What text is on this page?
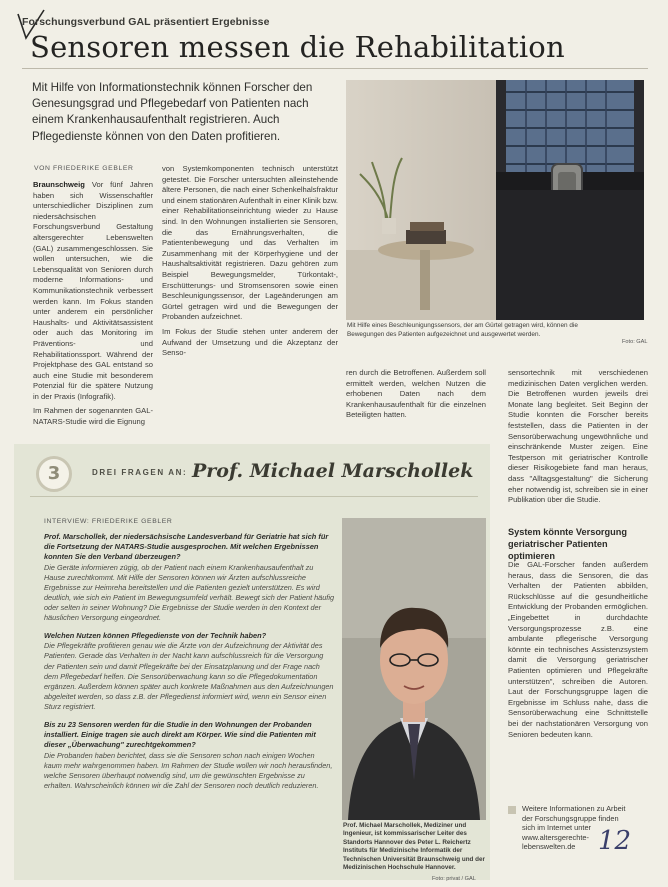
Forschungsverbund GAL präsentiert Ergebnisse
Sensoren messen die Rehabilitation
Mit Hilfe von Informationstechnik können Forscher den Genesungsgrad und Pflegebedarf von Patienten nach einem Krankenhausaufenthalt registrieren. Auch Pflegedienste können von den Daten profitieren.
VON FRIEDERIKE GEBLER

Braunschweig Vor fünf Jahren haben sich Wissenschaftler unterschiedlicher Disziplinen zum niedersächsischen Forschungsverbund Gestaltung altersgerechter Lebenswelten (GAL) zusammengeschlossen. Sie wollen untersuchen, wie die Lebensqualität von Senioren durch moderne Informations- und Kommunikationstechnik verbessert werden kann. Im Fokus standen unter anderem ein persönlicher Haushalts- und Aktivitätsassistent oder auch das Monitoring im Präventions- und Rehabilitationssport. Während der Projektphase des GAL entstand so auch eine Studie mit besonderem Potenzial für die spätere Nutzung in der Praxis (Infografik).

Im Rahmen der sogenannten GAL-NATARS-Studie wird die Eignung

von Systemkomponenten technisch unterstützt getestet. Die Forscher untersuchten alleinstehende ältere Personen, die nach einer Schenkelhalsfraktur und einem stationären Aufenthalt in einer Klinik bzw. einer Rehabilitationseinrichtung wieder zu Hause sind. In den Wohnungen installierten sie Sensoren, die das Ernährungsverhalten, die Patientenbewegung und das Verhalten im Zusammenhang mit der Körperhygiene und der Haushaltsaktivität registrieren. Dazu gehören zum Beispiel Bewegungsmelder, Türkontakt-, Erschütterungs- und Stromsensoren sowie einen Beschleunigungssensor, der Lageänderungen am Gürtel getragen wird und die Bewegungen der Probanden aufzeichnet.

Im Fokus der Studie stehen unter anderem der Aufwand der Umsetzung und die Akzeptanz der Senso-

Mit Hilfe eines Beschleunigungssensors, der am Gürtel getragen wird, können die Bewegungen des Patienten aufgezeichnet und ausgewertet werden.
Foto: GAL

ren durch die Betroffenen. Außerdem soll ermittelt werden, welchen Nutzen die erhobenen Daten nach dem Krankenhausaufenthalt für die einzelnen Beteiligten hatten.

sensortechnik mit verschiedenen medizinischen Daten verglichen werden. Die Betroffenen wurden jeweils drei Monate lang begleitet. Seit Beginn der Studie konnten die Forscher bereits feststellen, dass die Patienten in der Sensorüberwachung ungewöhnliche und einschränkende Muster zeigen. Eine Testperson mit geriatrischer Kontrolle dieser Risikogebiete fand man heraus, dass "Alltagsgestaltung" die Sicherung eher notwendig ist, schreiben sie in einer Publikation über die Studie.

3	DREI FRAGEN AN: Prof. Michael Marschollek
INTERVIEW: FRIEDERIKE GEBLER
Prof. Marschollek, der niedersächsische Landesverband für Geriatrie hat sich für die Fortsetzung der NATARS-Studie ausgesprochen. Mit welchen Ergebnissen konnten Sie den Verband überzeugen?
Die Geräte informieren zügig, ob der Patient nach einem Krankenhausaufenthalt zu Hause zurechtkommt. Mit Hilfe der Sensoren können wir Ärzten aufschlussreiche Ergebnisse zur Heimreha bereitstellen und die Patienten gezielt unterstützen. Es wird deutlich, wie sich ein Patient im Bewegungsumfeld verhält. Bewegt sich der Patient häufig oder selten in seiner Wohnung? Die Ergebnisse der Studie werden in den Kontext der häuslichen Versorgung eingeordnet.
Welchen Nutzen können Pflegedienste von der Technik haben?
Die Pflegekräfte profitieren genau wie die Ärzte von der Aufzeichnung der Aktivität des Patienten. Gerade das Verhalten in der Nacht kann aufschlussreich für die Versorgung der Patienten sein und damit Pflegekräfte bei der Einsatzplanung und der Frage nach dem Pflegebedarf helfen. Die Sensorüberwachung kann so die Pflegedokumentation ergänzen. Außerdem können später auch konkrete Maßnahmen aus den Aufzeichnungen abgeleitet werden, so dass z.B. der Pflegedienst informiert wird, wenn ein Sensor einen Sturz registriert.
Bis zu 23 Sensoren werden für die Studie in den Wohnungen der Probanden installiert. Einige tragen sie auch direkt am Körper. Wie sind die Patienten mit dieser „Überwachung" zurechtgekommen?
Die Probanden haben berichtet, dass sie die Sensoren schon nach einigen Wochen kaum mehr wahrgenommen haben. Im Rahmen der Studie wollen wir noch herausfinden, welche Sensoren überhaupt notwendig sind, um die gewünschten Ergebnisse zu erhalten. Wahrscheinlich können wir die Zahl der Sensoren noch deutlich reduzieren.
Prof. Michael Marschollek, Mediziner und Ingenieur, ist kommissarischer Leiter des Standorts Hannover des Peter L. Reichertz Instituts für Medizinische Informatik der Technischen Universität Braunschweig und der Medizinischen Hochschule Hannover.
Foto: privat / GAL
System könnte Versorgung geriatrischer Patienten optimieren

Die GAL-Forscher fanden außerdem heraus, dass die Sensoren, die das Verhalten der Patienten abbilden, Rückschlüsse auf die gesundheitliche Entwicklung der Probanden ermöglichen. „Eingebettet in durchdachte Versorgungsprozesse z.B. eine ambulante pflegerische Versorgung könnte ein technisches Assistenzsystem damit die Versorgung geriatrischer Patienten optimieren und Pflegekräfte unterstützen", schreiben die Autoren. Laut der Forschungsgruppe lagen die Ergebnisse im Schluss nahe, dass die Sensorüberwachung eine Schnittstelle bei der nachstationären Versorgung von Senioren bedeuten kann.

Weitere Informationen zu Arbeit der Forschungsgruppe finden sich im Internet unter
www.altersgerechte-lebenswelten.de 12
